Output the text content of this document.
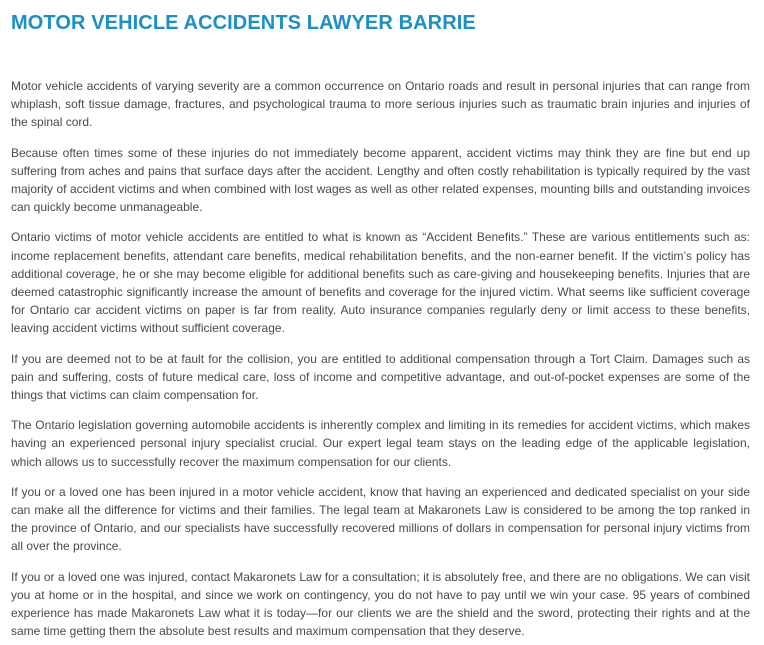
MOTOR VEHICLE ACCIDENTS LAWYER BARRIE

Motor vehicle accidents of varying severity are a common occurrence on Ontario roads and result in personal injuries that can range from whiplash, soft tissue damage, fractures, and psychological trauma to more serious injuries such as traumatic brain injuries and injuries of the spinal cord.

Because often times some of these injuries do not immediately become apparent, accident victims may think they are fine but end up suffering from aches and pains that surface days after the accident. Lengthy and often costly rehabilitation is typically required by the vast majority of accident victims and when combined with lost wages as well as other related expenses, mounting bills and outstanding invoices can quickly become unmanageable.

Ontario victims of motor vehicle accidents are entitled to what is known as “Accident Benefits.” These are various entitlements such as: income replacement benefits, attendant care benefits, medical rehabilitation benefits, and the non-earner benefit. If the victim’s policy has additional coverage, he or she may become eligible for additional benefits such as care-giving and housekeeping benefits. Injuries that are deemed catastrophic significantly increase the amount of benefits and coverage for the injured victim. What seems like sufficient coverage for Ontario car accident victims on paper is far from reality. Auto insurance companies regularly deny or limit access to these benefits, leaving accident victims without sufficient coverage.

If you are deemed not to be at fault for the collision, you are entitled to additional compensation through a Tort Claim. Damages such as pain and suffering, costs of future medical care, loss of income and competitive advantage, and out-of-pocket expenses are some of the things that victims can claim compensation for.

The Ontario legislation governing automobile accidents is inherently complex and limiting in its remedies for accident victims, which makes having an experienced personal injury specialist crucial. Our expert legal team stays on the leading edge of the applicable legislation, which allows us to successfully recover the maximum compensation for our clients.

If you or a loved one has been injured in a motor vehicle accident, know that having an experienced and dedicated specialist on your side can make all the difference for victims and their families. The legal team at Makaronets Law is considered to be among the top ranked in the province of Ontario, and our specialists have successfully recovered millions of dollars in compensation for personal injury victims from all over the province.

If you or a loved one was injured, contact Makaronets Law for a consultation; it is absolutely free, and there are no obligations. We can visit you at home or in the hospital, and since we work on contingency, you do not have to pay until we win your case. 95 years of combined experience has made Makaronets Law what it is today—for our clients we are the shield and the sword, protecting their rights and at the same time getting them the absolute best results and maximum compensation that they deserve.
